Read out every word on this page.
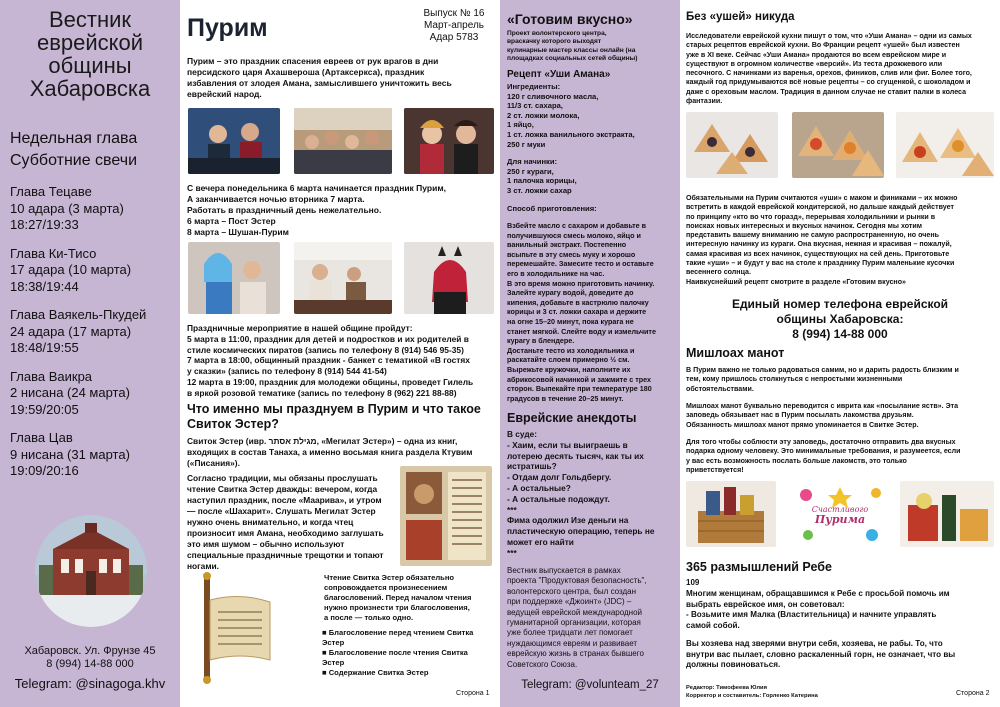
Вестник
еврейской
общины
Хабаровска
Недельная глава
Субботние свечи
Глава Тецаве
10 адара (3 марта)
18:27/19:33
Глава Ки-Тисо
17 адара (10 марта)
18:38/19:44
Глава Ваякель-Пкудей
24 адара (17 марта)
18:48/19:55
Глава Ваикра
2 нисана (24 марта)
19:59/20:05
Глава Цав
9 нисана (31 марта)
19:09/20:16
Хабаровск. Ул. Фрунзе 45
8 (994) 14-88 000
Telegram: @sinagoga.khv
Пурим
Выпуск № 16
Март-апрель
Адар 5783
Пурим – это праздник спасения евреев от рук врагов в дни
персидского царя Ахашвероша (Артаксеркса), праздник
избавления от злодея Амана, замыслившего уничтожить весь
еврейский народ.
С вечера понедельника 6 марта начинается праздник Пурим,
А заканчивается ночью вторника 7 марта.
Работать в праздничный день нежелательно.
6 марта – Пост Эстер
8 марта – Шушан-Пурим
Праздничные мероприятие в нашей общине пройдут:
5 марта в 11:00, праздник для детей и подростков и их родителей в
стиле космических пиратов (запись по телефону 8 (914) 546 95-35)
7 марта в 18:00, общинный праздник - банкет с тематикой «В гостях
у сказки» (запись по телефону 8 (914) 544 41-54)
12 марта в 19:00, праздник для молодежи общины, проведет Гилель
в яркой розовой тематике (запись по телефону 8 (962) 221 88-88)
Что именно мы празднуем в Пурим и что такое
Свиток Эстер?
Свиток Эстер (ивр. מגילת אסתר, «Мегилат Эстер») – одна из книг,
входящих в состав Танаха, а именно восьмая книга раздела Ктувим
(«Писания»).
Согласно традиции, мы обязаны прослушать
чтение Свитка Эстер дважды: вечером, когда
наступил праздник, после «Маарива», и утром
— после «Шахарит». Слушать Мегилат Эстер
нужно очень внимательно, и когда чтец
произносит имя Амана, необходимо заглушать
это имя шумом – обычно используют
специальные праздничные трещотки и топают
ногами.
Чтение Свитка Эстер обязательно
сопровождается произнесением
благословений. Перед началом чтения
нужно произнести три благословения,
а после — только одно.
■ Благословение перед чтением Свитка
Эстер
■ Благословение после чтения Свитка
Эстер
■ Содержание Свитка Эстер
Сторона 1
«Готовим вкусно»
Проект волонтерского центра,
враскачку которого выходят
кулинарные мастер классы онлайн (на
площадках социальных сетей общины)
Рецепт «Уши Амана»
Ингредиенты:
120 г сливочного масла,
11/3 ст. сахара,
2 ст. ложки молока,
1 яйцо,
1 ст. ложка ванильного экстракта,
250 г муки
Для начинки:
250 г кураги,
1 палочка корицы,
3 ст. ложки сахар
Способ приготовления:
Взбейте масло с сахаром и добавьте в
получившуюся смесь молоко, яйцо и
ванильный экстракт. Постепенно
всыпьте в эту смесь муку и хорошо
перемешайте. Замесите тесто и оставьте
его в холодильнике на час.
В это время можно приготовить начинку.
Залейте курагу водой, доведите до
кипения, добавьте в кастрюлю палочку
корицы и 3 ст. ложки сахара и держите
на огне 15–20 минут, пока курага не
станет мягкой. Слейте воду и измельчите
курагу в блендере.
Достаньте тесто из холодильника и
раскатайте слоем примерно ½ см.
Вырежьте кружочки, наполните их
абрикосовой начинкой и зажмите с трех
сторон. Выпекайте при температуре 180
градусов в течение 20–25 минут.
Еврейские анекдоты
В суде:
- Хаим, если ты выиграешь в
лотерею десять тысяч, как ты их
истратишь?
- Отдам долг Гольдбергу.
- А остальные?
- А остальные подождут.
***
Фима одолжил Изе деньги на
пластическую операцию, теперь не
может его найти
***
Вестник выпускается в рамках
проекта "Продуктовая безопасность",
волонтерского центра, был создан
при поддержке «Джоинт» (JDC) –
ведущей еврейской международной
гуманитарной организации, которая
уже более тридцати лет помогает
нуждающимся евреям и развивает
еврейскую жизнь в странах бывшего
Советского Союза.
Telegram: @volunteam_27
Без «ушей» никуда
Исследователи еврейской кухни пишут о том, что «Уши Амана» – одни из самых
старых рецептов еврейской кухни. Во Франции рецепт «ушей» был известен
уже в XI веке. Сейчас «Уши Амана» продаются во всем еврейском мире и
существуют в огромном количестве «версий». Из теста дрожжевого или
песочного. С начинками из варенья, орехов, фиников, слив или фиг. Более того,
каждый год придумываются всё новые рецепты – со сгущенкой, с шоколадом и
даже с ореховым маслом. Традиция в данном случае не ставит палки в колеса
фантазии.
Обязательными на Пурим считаются «уши» с маком и финиками – их можно
встретить в каждой еврейской кондитерской, но дальше каждый действует
по принципу «кто во что горазд», перерывая холодильники и рынки в
поисках новых интересных и вкусных начинок. Сегодня мы хотим
представить вашему вниманию не самую распространенную, но очень
интересную начинку из кураги. Она вкусная, нежная и красивая – пожалуй,
самая красивая из всех начинок, существующих на сей день. Приготовьте
такие «уши» – и будут у вас на столе к празднику Пурим маленькие кусочки
весеннего солнца.
Наивкуснейший рецепт смотрите в разделе «Готовим вкусно»
Единый номер телефона еврейской
общины Хабаровска:
8 (994) 14-88 000
Мишлоах манот
В Пурим важно не только радоваться самим, но и дарить радость близким и
тем, кому пришлось столкнуться с непростыми жизненными
обстоятельствами.
Мишлоах манот буквально переводится с иврита как «посылание яств». Эта
заповедь обязывает нас в Пурим посылать лакомства друзьям.
Обязанность мишлоах манот прямо упоминается в Свитке Эстер.
Для того чтобы соблюсти эту заповедь, достаточно отправить два вкусных
подарка одному человеку. Это минимальные требования, и разумеется, если
у вас есть возможность послать больше лакомств, это только
приветствуется!
Счастливого
Пурима
365 размышлений Ребе
109
Многим женщинам, обращавшимся к Ребе с просьбой помочь им
выбрать еврейское имя, он советовал:
- Возьмите имя Малка (Властительница) и начните управлять
самой собой.
Вы хозяева над зверями внутри себя, хозяева, не рабы. То, что
внутри вас пылает, словно раскаленный горн, не означает, что вы
должны повиноваться.
Редактор: Тимофеева Юлия
Корректор и составитель: Горленко Катерина	Сторона 2
